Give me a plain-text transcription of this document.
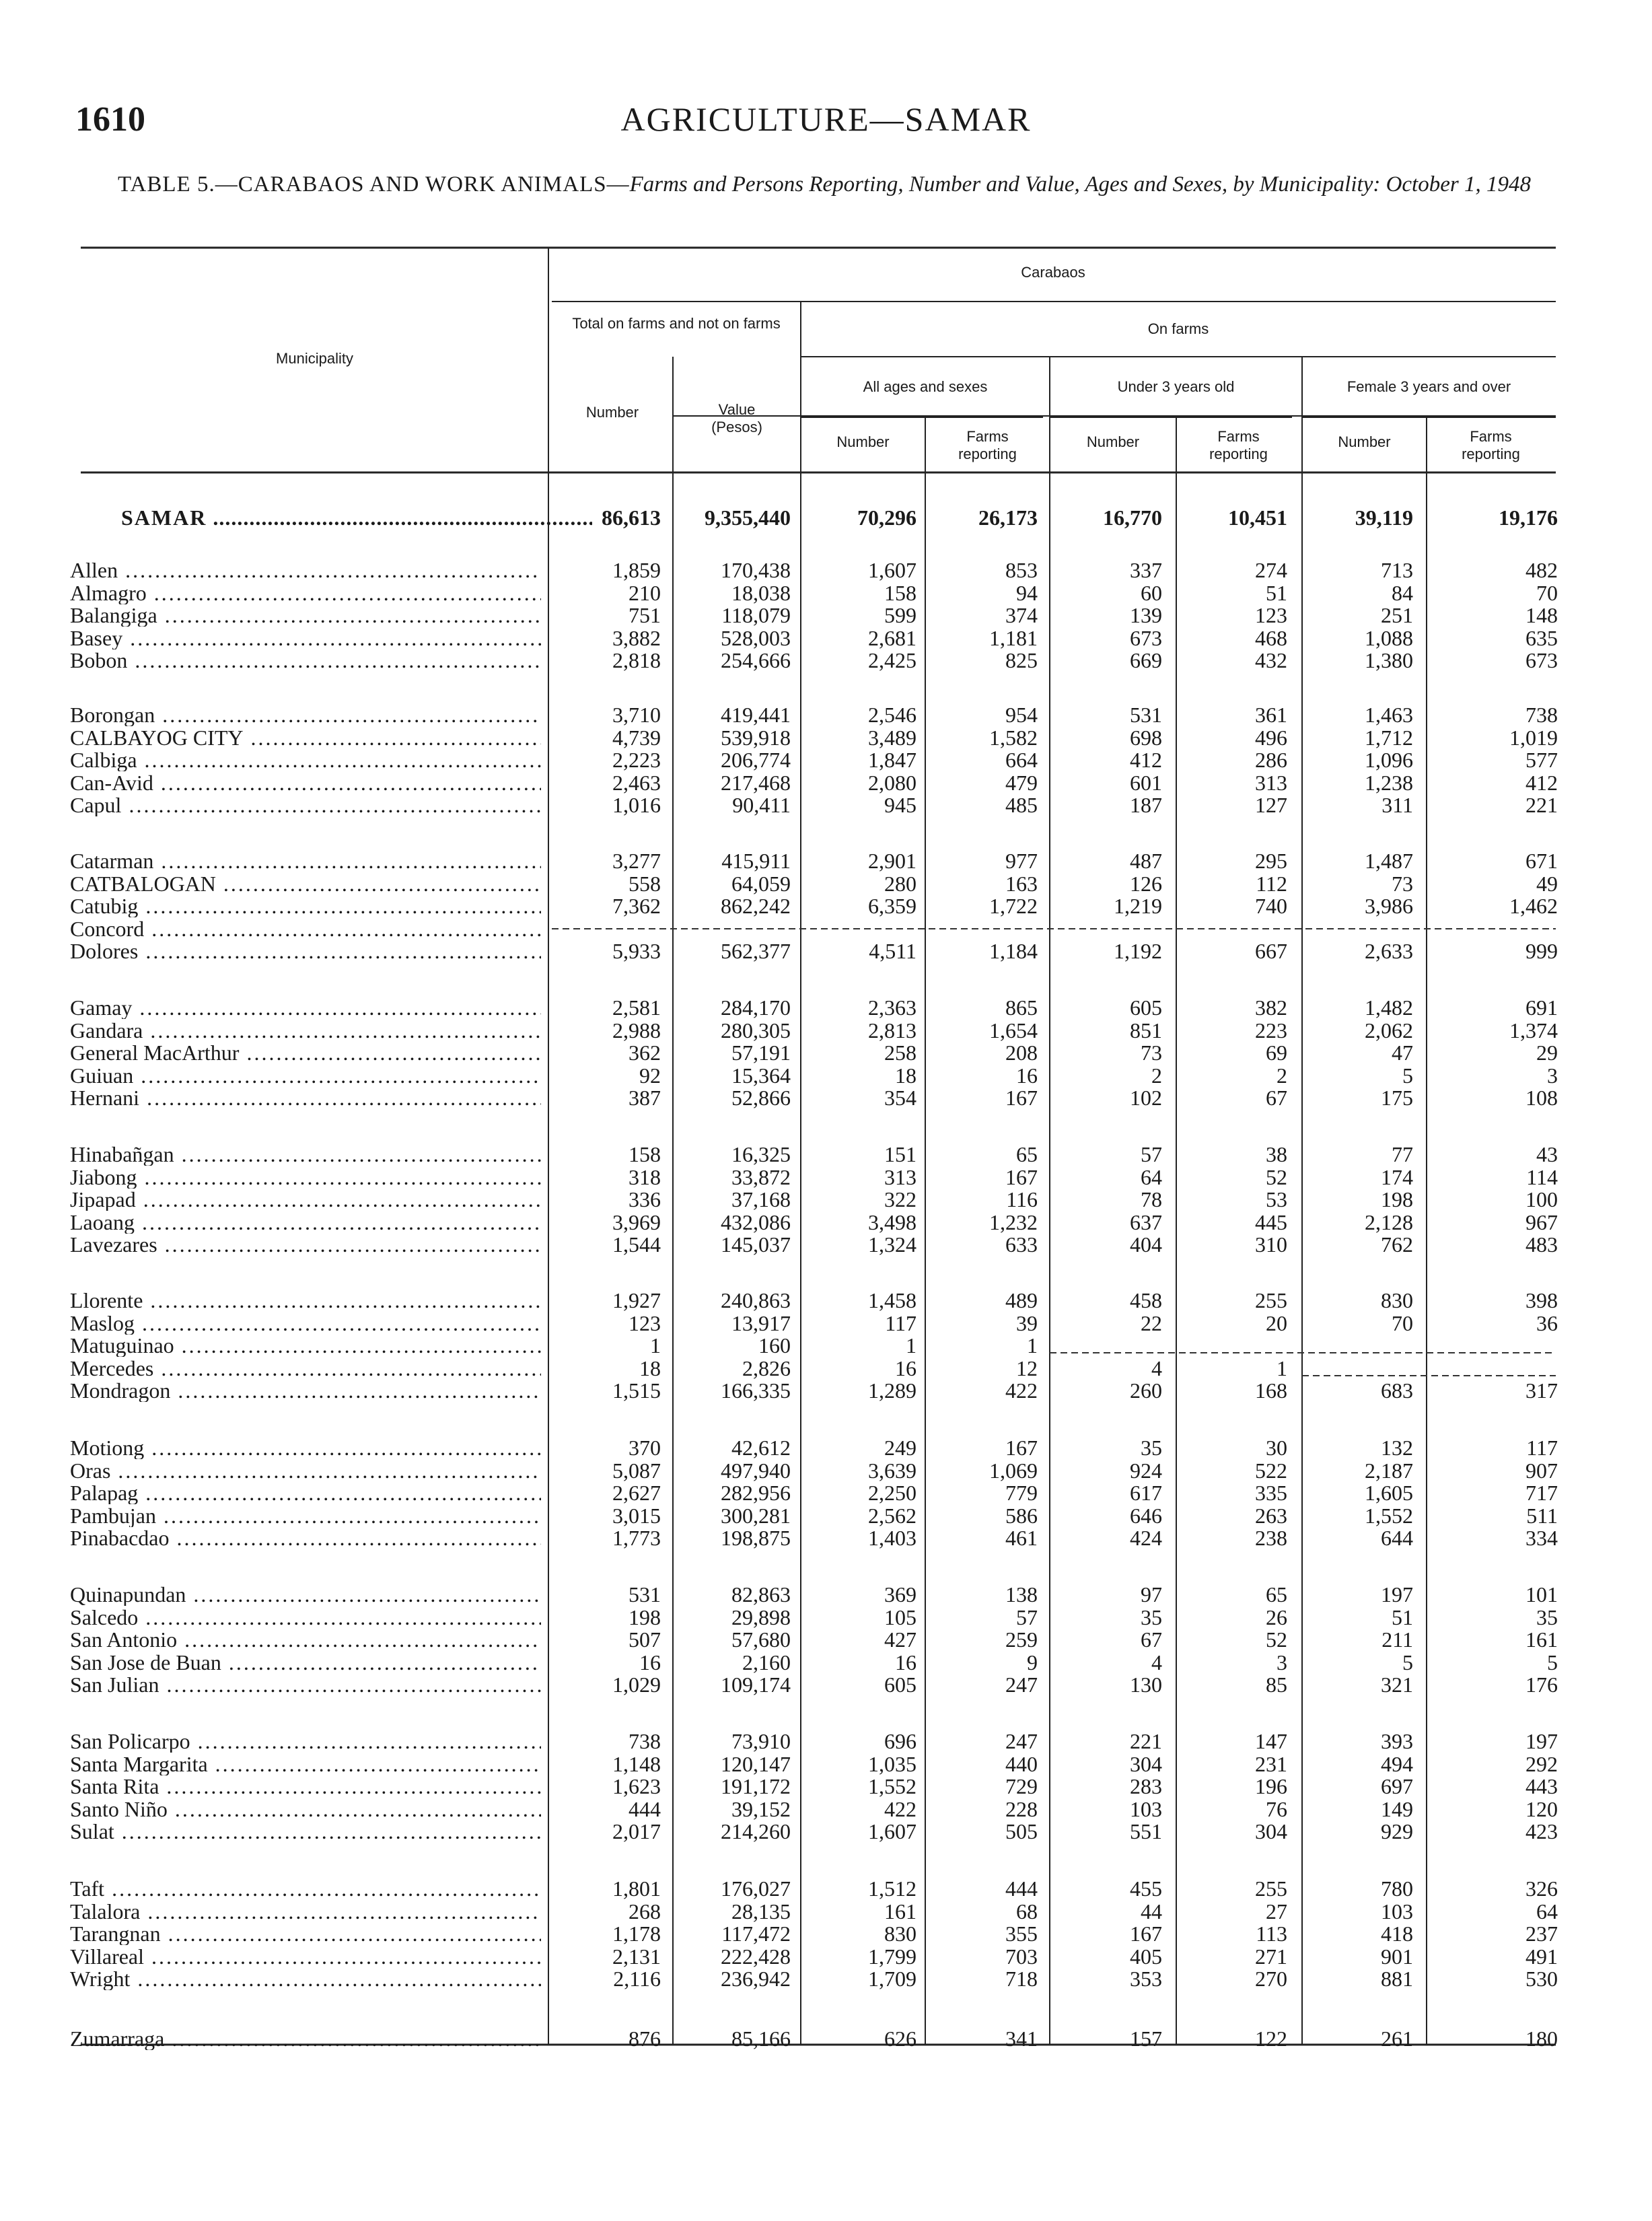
1610	AGRICULTURE—SAMAR
TABLE 5.—CARABAOS AND WORK ANIMALS—Farms and Persons Reporting, Number and Value, Ages and Sexes, by Municipality: October 1, 1948
Municipality
Carabaos
Total on farms and not on farms	On farms
All ages and sexes	Under 3 years old	Female 3 years and over
Number	Value (Pesos)
Number	Farms reporting
Number	Farms reporting
Number	Farms reporting
SAMAR .....	86,613	9,355,440	70,296	26,173	16,770	10,451	39,119	19,176
Allen .....	1,859	170,438	1,607	853	337	274	713	482
Almagro .....	210	18,038	158	94	60	51	84	70
Balangiga .....	751	118,079	599	374	139	123	251	148
Basey .....	3,882	528,003	2,681	1,181	673	468	1,088	635
Bobon .....	2,818	254,666	2,425	825	669	432	1,380	673
Borongan .....	3,710	419,441	2,546	954	531	361	1,463	738
CALBAYOG CITY .....	4,739	539,918	3,489	1,582	698	496	1,712	1,019
Calbiga .....	2,223	206,774	1,847	664	412	286	1,096	577
Can-Avid .....	2,463	217,468	2,080	479	601	313	1,238	412
Capul .....	1,016	90,411	945	485	187	127	311	221
Catarman .....	3,277	415,911	2,901	977	487	295	1,487	671
CATBALOGAN .....	558	64,059	280	163	126	112	73	49
Catubig .....	7,362	862,242	6,359	1,722	1,219	740	3,986	1,462
Concord .....
Dolores .....	5,933	562,377	4,511	1,184	1,192	667	2,633	999
Gamay .....	2,581	284,170	2,363	865	605	382	1,482	691
Gandara .....	2,988	280,305	2,813	1,654	851	223	2,062	1,374
General MacArthur .....	362	57,191	258	208	73	69	47	29
Guiuan .....	92	15,364	18	16	2	2	5	3
Hernani .....	387	52,866	354	167	102	67	175	108
Hinabañgan .....	158	16,325	151	65	57	38	77	43
Jiabong .....	318	33,872	313	167	64	52	174	114
Jipapad .....	336	37,168	322	116	78	53	198	100
Laoang .....	3,969	432,086	3,498	1,232	637	445	2,128	967
Lavezares .....	1,544	145,037	1,324	633	404	310	762	483
Llorente .....	1,927	240,863	1,458	489	458	255	830	398
Maslog .....	123	13,917	117	39	22	20	70	36
Matuguinao .....	1	160	1	1
Mercedes .....	18	2,826	16	12	4	1
Mondragon .....	1,515	166,335	1,289	422	260	168	683	317
Motiong .....	370	42,612	249	167	35	30	132	117
Oras .....	5,087	497,940	3,639	1,069	924	522	2,187	907
Palapag .....	2,627	282,956	2,250	779	617	335	1,605	717
Pambujan .....	3,015	300,281	2,562	586	646	263	1,552	511
Pinabacdao .....	1,773	198,875	1,403	461	424	238	644	334
Quinapundan .....	531	82,863	369	138	97	65	197	101
Salcedo .....	198	29,898	105	57	35	26	51	35
San Antonio .....	507	57,680	427	259	67	52	211	161
San Jose de Buan .....	16	2,160	16	9	4	3	5	5
San Julian .....	1,029	109,174	605	247	130	85	321	176
San Policarpo .....	738	73,910	696	247	221	147	393	197
Santa Margarita .....	1,148	120,147	1,035	440	304	231	494	292
Santa Rita .....	1,623	191,172	1,552	729	283	196	697	443
Santo Niño .....	444	39,152	422	228	103	76	149	120
Sulat .....	2,017	214,260	1,607	505	551	304	929	423
Taft .....	1,801	176,027	1,512	444	455	255	780	326
Talalora .....	268	28,135	161	68	44	27	103	64
Tarangnan .....	1,178	117,472	830	355	167	113	418	237
Villareal .....	2,131	222,428	1,799	703	405	271	901	491
Wright .....	2,116	236,942	1,709	718	353	270	881	530
Zumarraga .....	876	85,166	626	341	157	122	261	180
